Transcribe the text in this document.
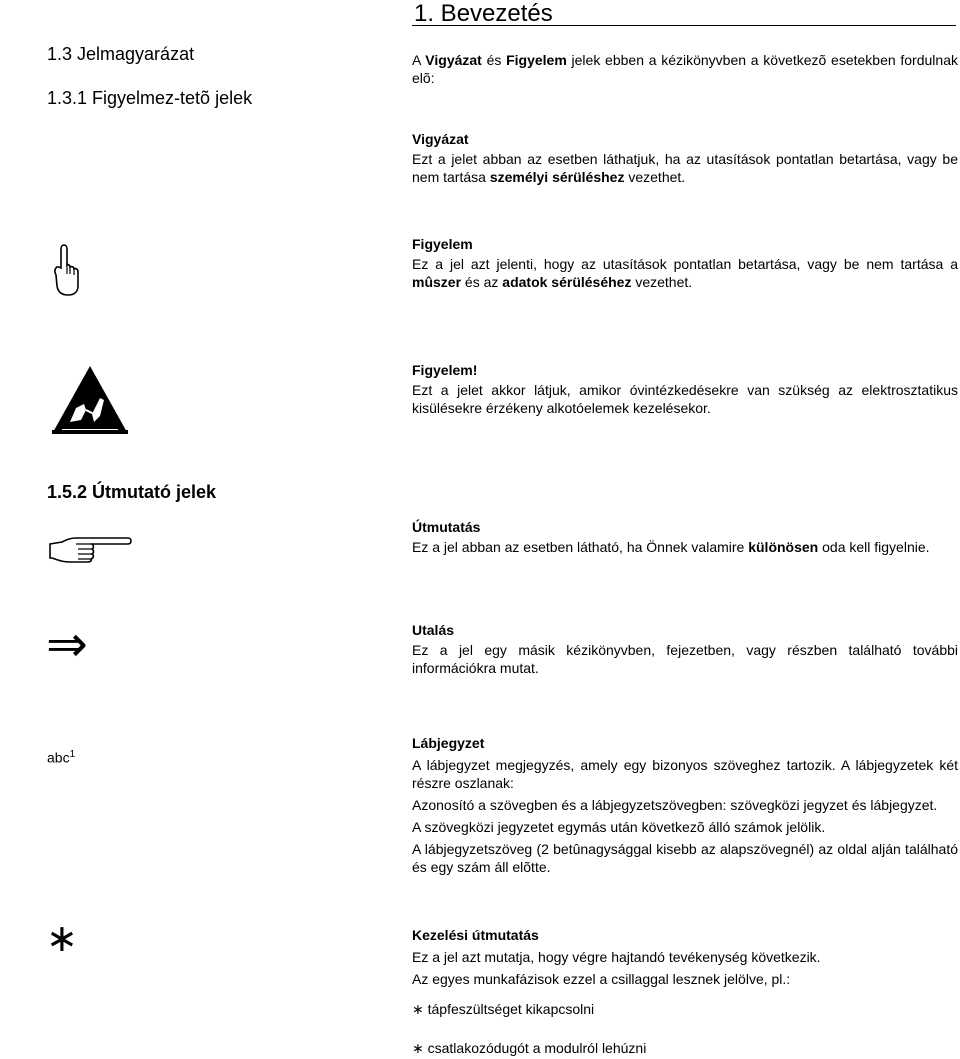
1. Bevezetés
1.3 Jelmagyarázat
1.3.1 Figyelmez-tetõ jelek
A Vigyázat és Figyelem jelek ebben a kézikönyvben a következõ esetekben fordulnak elõ:
Vigyázat
Ezt a jelet abban az esetben láthatjuk, ha az utasítások pontatlan betartása, vagy be nem tartása személyi sérüléshez vezethet.
Figyelem
Ez a jel azt jelenti, hogy az utasítások pontatlan betartása, vagy be nem tartása a mûszer és az adatok sérüléséhez vezethet.
Figyelem!
Ezt a jelet akkor látjuk, amikor óvintézkedésekre van szükség az elektrosztatikus kisülésekre érzékeny alkotóelemek kezelésekor.
1.5.2 Útmutató jelek
Útmutatás
Ez a jel abban az esetben látható, ha Önnek valamire különösen oda kell figyelnie.
⇒	Utalás
Ez a jel egy másik kézikönyvben, fejezetben, vagy részben található további információkra mutat.
abc$^1$
Lábjegyzet

A lábjegyzet megjegyzés, amely egy bizonyos szöveghez tartozik. A lábjegyzetek két részre oszlanak:

Azonosító a szövegben és a lábjegyzetszövegben: szövegközi jegyzet és lábjegyzet.

A szövegközi jegyzetet egymás után következõ álló számok jelölik.

A lábjegyzetszöveg (2 betûnagysággal kisebb az alapszövegnél) az oldal alján található és egy szám áll elõtte.

∗	Kezelési útmutatás

Ez a jel azt mutatja, hogy végre hajtandó tevékenység következik.

Az egyes munkafázisok ezzel a csillaggal lesznek jelölve, pl.:

∗ tápfeszültséget kikapcsolni

∗ csatlakozódugót a modulról lehúzni
